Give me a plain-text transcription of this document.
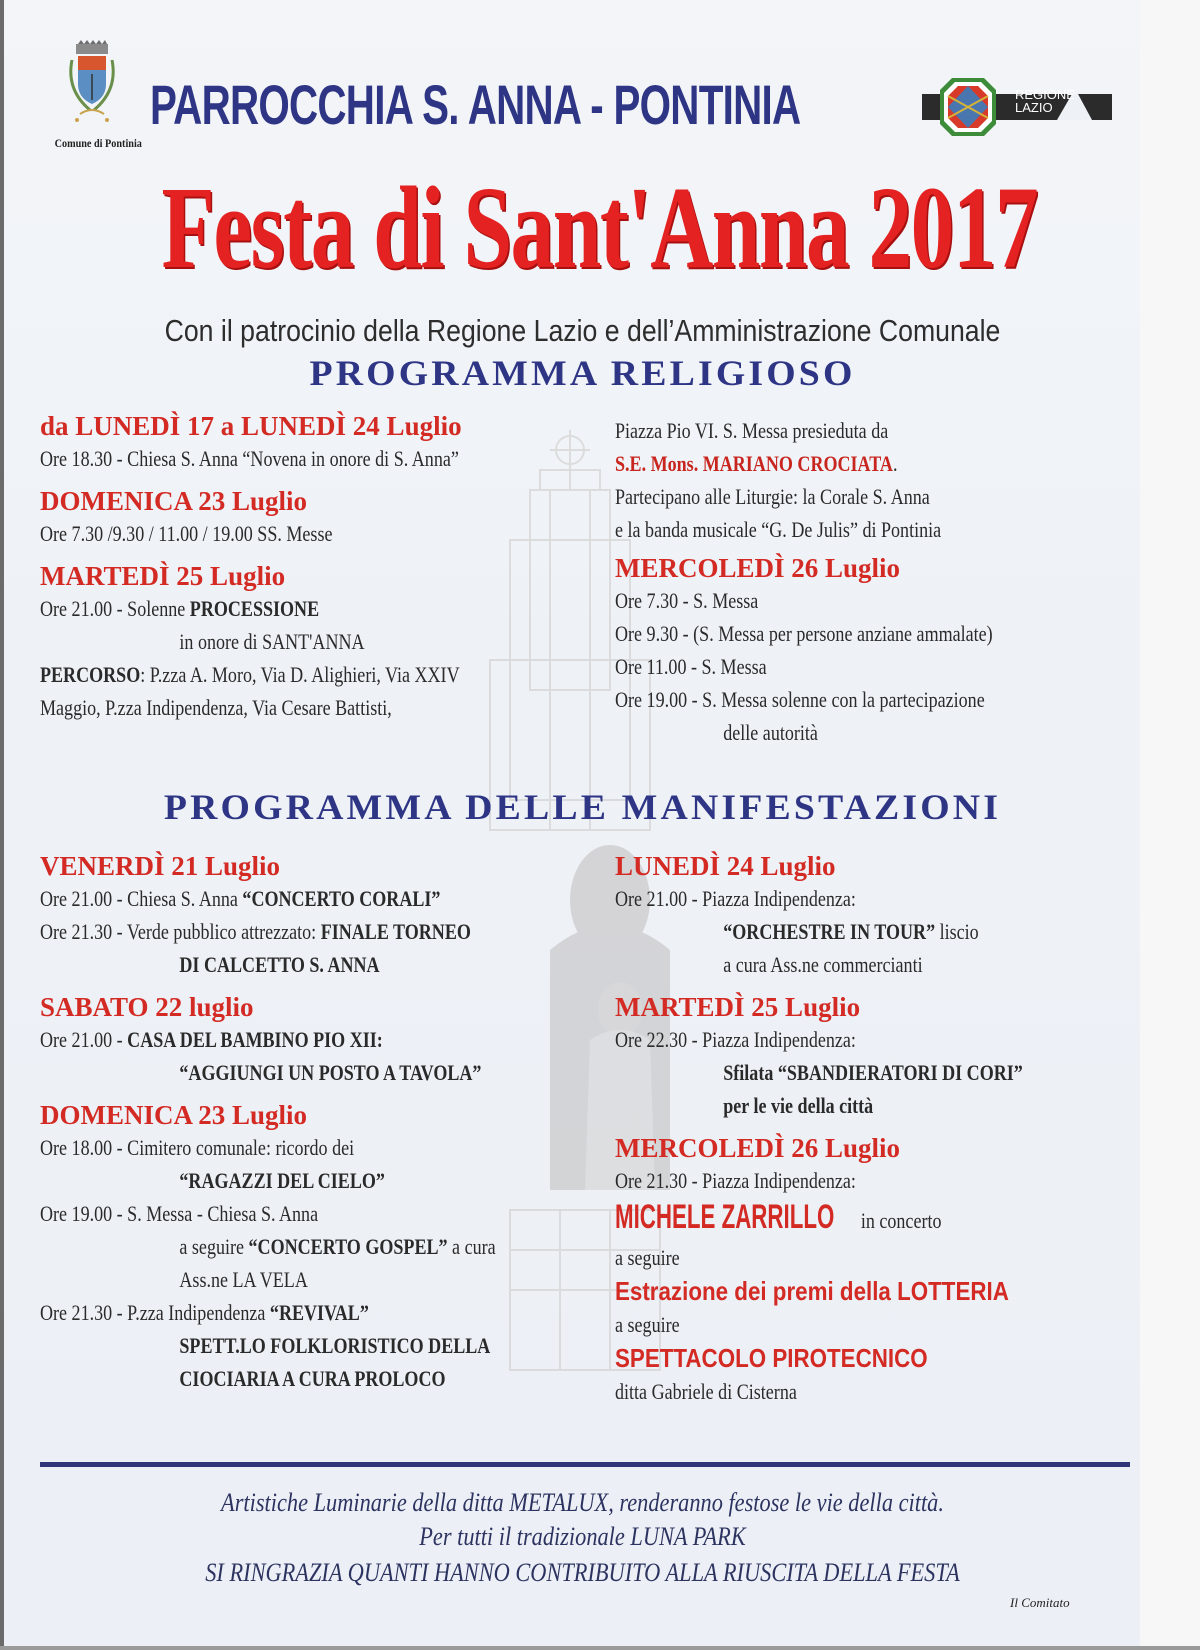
Comune di Pontinia
PARROCCHIA S. ANNA - PONTINIA	REGIONE
LAZIO
Festa di Sant'Anna 2017
Con il patrocinio della Regione Lazio e dell’Amministrazione Comunale
PROGRAMMA RELIGIOSO
da LUNEDÌ 17 a LUNEDÌ 24 Luglio
Ore 18.30 - Chiesa S. Anna “Novena in onore di S. Anna”
DOMENICA 23 Luglio
Ore 7.30 /9.30 / 11.00 / 19.00 SS. Messe
MARTEDÌ 25 Luglio
Ore 21.00 - Solenne PROCESSIONE
in onore di SANT'ANNA
PERCORSO: P.zza A. Moro, Via D. Alighieri, Via XXIV
Maggio, P.zza Indipendenza, Via Cesare Battisti,
Piazza Pio VI. S. Messa presieduta da
S.E. Mons. MARIANO CROCIATA.
Partecipano alle Liturgie: la Corale S. Anna
e la banda musicale “G. De Julis” di Pontinia
MERCOLEDÌ 26 Luglio
Ore 7.30 - S. Messa
Ore 9.30 - (S. Messa per persone anziane ammalate)
Ore 11.00 - S. Messa
Ore 19.00 - S. Messa solenne con la partecipazione
delle autorità
PROGRAMMA DELLE MANIFESTAZIONI
VENERDÌ 21 Luglio
Ore 21.00 - Chiesa S. Anna “CONCERTO CORALI”
Ore 21.30 - Verde pubblico attrezzato: FINALE TORNEO
DI CALCETTO S. ANNA
SABATO 22 luglio
Ore 21.00 - CASA DEL BAMBINO PIO XII:
“AGGIUNGI UN POSTO A TAVOLA”
DOMENICA 23 Luglio
Ore 18.00 - Cimitero comunale: ricordo dei
“RAGAZZI DEL CIELO”
Ore 19.00 - S. Messa - Chiesa S. Anna
a seguire “CONCERTO GOSPEL” a cura
Ass.ne LA VELA
Ore 21.30 - P.zza Indipendenza “REVIVAL”
SPETT.LO FOLKLORISTICO DELLA
CIOCIARIA A CURA PROLOCO
LUNEDÌ 24 Luglio
Ore 21.00 - Piazza Indipendenza:
“ORCHESTRE IN TOUR” liscio
a cura Ass.ne commercianti
MARTEDÌ 25 Luglio
Ore 22.30 - Piazza Indipendenza:
Sfilata “SBANDIERATORI DI CORI”
per le vie della città
MERCOLEDÌ 26 Luglio
Ore 21.30 - Piazza Indipendenza:
MICHELE ZARRILLO in concerto
a seguire
Estrazione dei premi della LOTTERIA
a seguire
SPETTACOLO PIROTECNICO
ditta Gabriele di Cisterna
Artistiche Luminarie della ditta METALUX, renderanno festose le vie della città.
Per tutti il tradizionale LUNA PARK
SI RINGRAZIA QUANTI HANNO CONTRIBUITO ALLA RIUSCITA DELLA FESTA
Il Comitato
